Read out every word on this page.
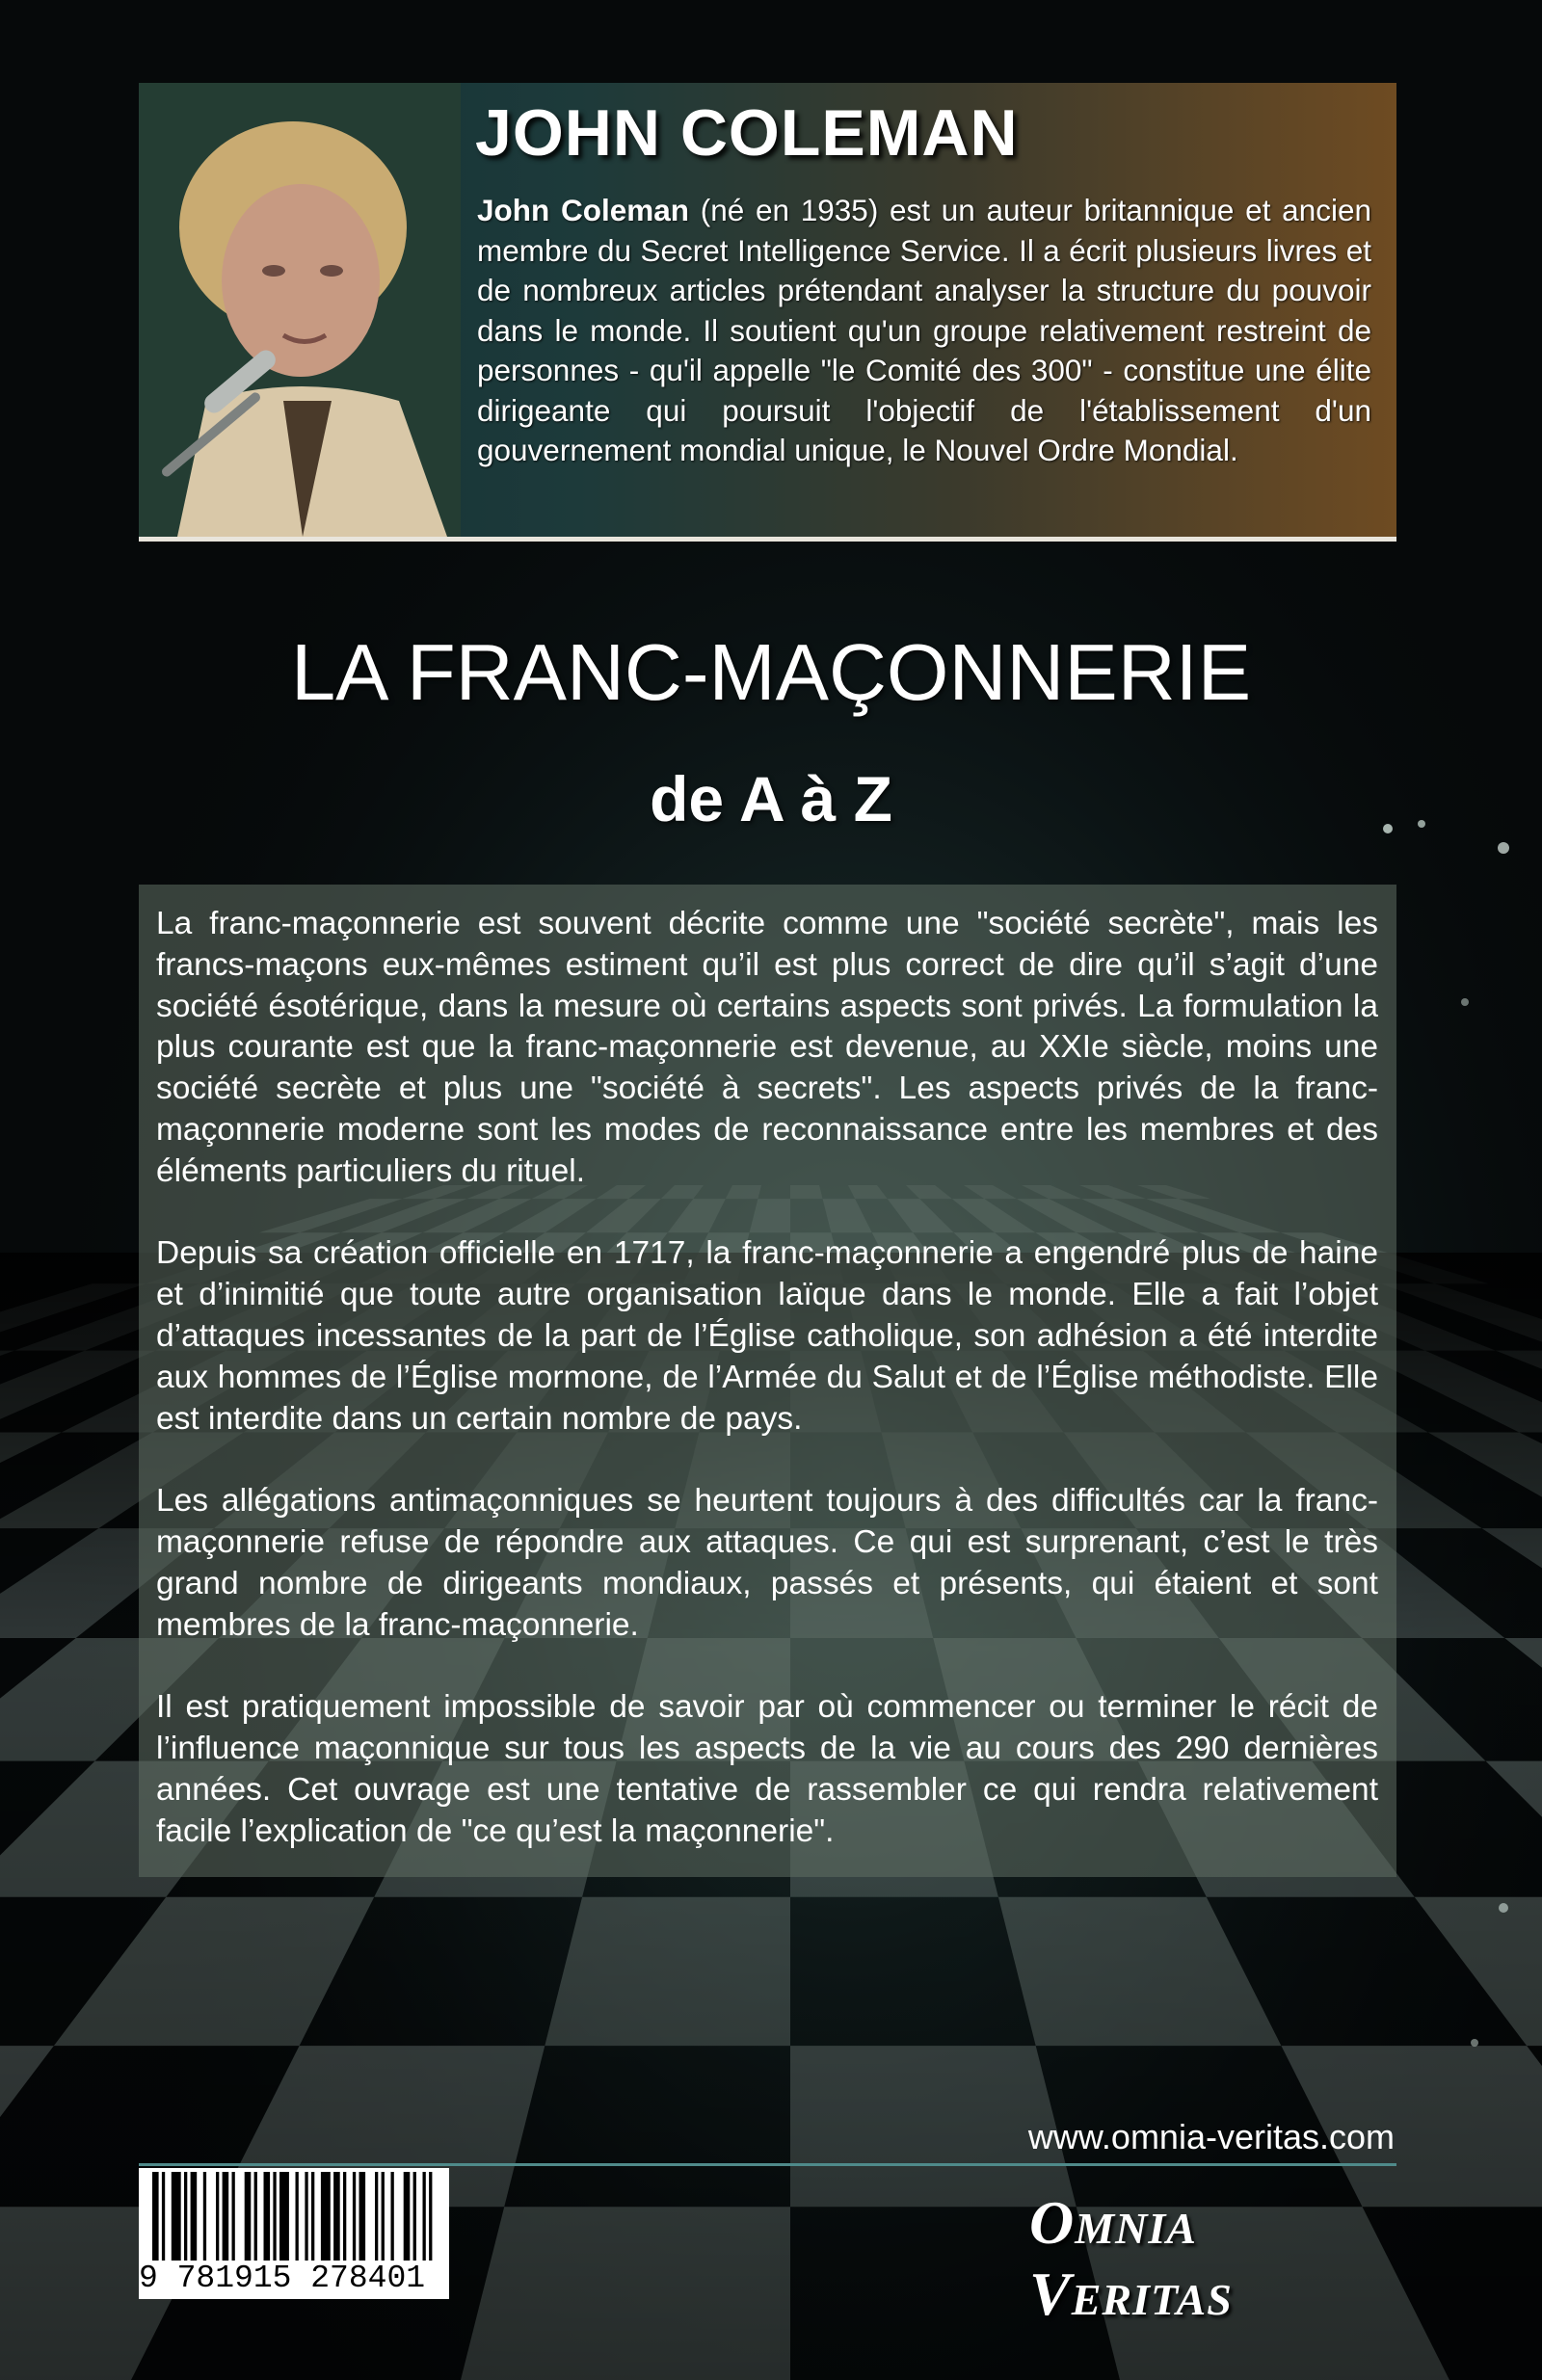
JOHN COLEMAN

John Coleman (né en 1935) est un auteur britannique et ancien membre du Secret Intelligence Service. Il a écrit plusieurs livres et de nombreux articles prétendant analyser la structure du pouvoir dans le monde. Il soutient qu'un groupe relativement restreint de personnes - qu'il appelle "le Comité des 300" - constitue une élite dirigeante qui poursuit l'objectif de l'établissement d'un gouvernement mondial unique, le Nouvel Ordre Mondial.

LA FRANC-MAÇONNERIE
de A à Z

La franc-maçonnerie est souvent décrite comme une "société secrète", mais les francs-maçons eux-mêmes estiment qu’il est plus correct de dire qu’il s’agit d’une société ésotérique, dans la mesure où certains aspects sont privés. La formulation la plus courante est que la franc-maçonnerie est devenue, au XXIe siècle, moins une société secrète et plus une "société à secrets". Les aspects privés de la franc-maçonnerie moderne sont les modes de reconnaissance entre les membres et des éléments particuliers du rituel.

Depuis sa création officielle en 1717, la franc-maçonnerie a engendré plus de haine et d’inimitié que toute autre organisation laïque dans le monde. Elle a fait l’objet d’attaques incessantes de la part de l’Église catholique, son adhésion a été interdite aux hommes de l’Église mormone, de l’Armée du Salut et de l’Église méthodiste. Elle est interdite dans un certain nombre de pays.

Les allégations antimaçonniques se heurtent toujours à des difficultés car la franc-maçonnerie refuse de répondre aux attaques. Ce qui est surprenant, c’est le très grand nombre de dirigeants mondiaux, passés et présents, qui étaient et sont membres de la franc-maçonnerie.

Il est pratiquement impossible de savoir par où commencer ou terminer le récit de l’influence maçonnique sur tous les aspects de la vie au cours des 290 dernières années. Cet ouvrage est une tentative de rassembler ce qui rendra relativement facile l’explication de "ce qu’est la maçonnerie".

www.omnia-veritas.com

9 781915 278401
OMNIA VERITAS
